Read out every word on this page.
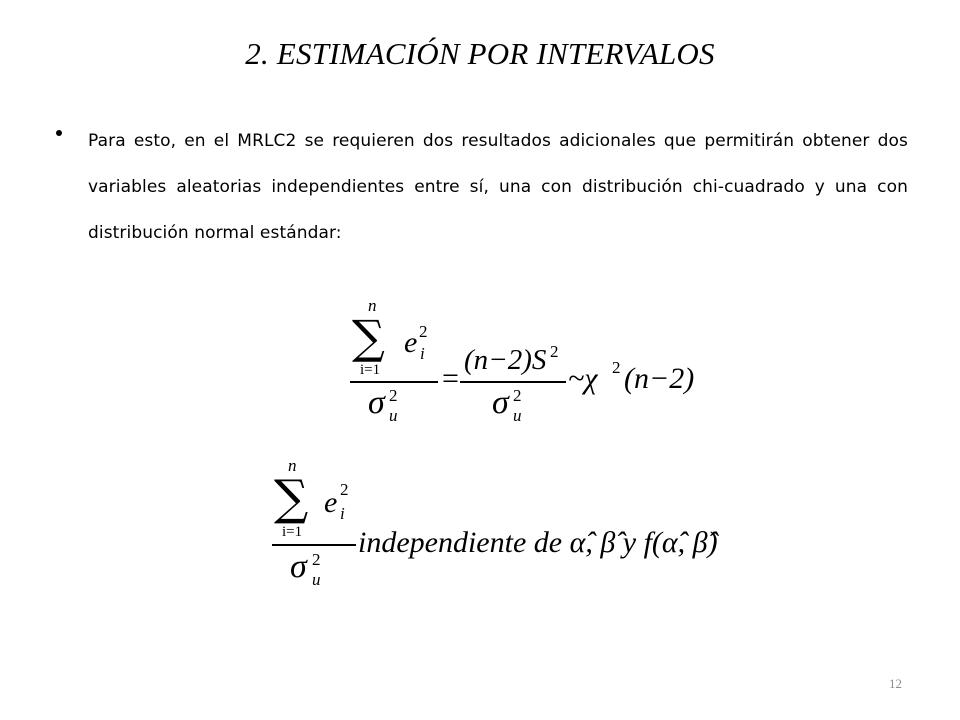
2. ESTIMACIÓN POR INTERVALOS
Para esto, en el MRLC2 se requieren dos resultados adicionales que permitirán obtener dos variables aleatorias independientes entre sí, una con distribución chi-cuadrado y una con distribución normal estándar:
n
∑
i=1
e 2
i
σ 2
u
=
(n−2)S 2
σ 2
u
~χ 2 (n−2)
n
∑
i=1
e 2
i
σ 2
u
independiente de α̂, β̂ y f(α̂, β̂)
12
